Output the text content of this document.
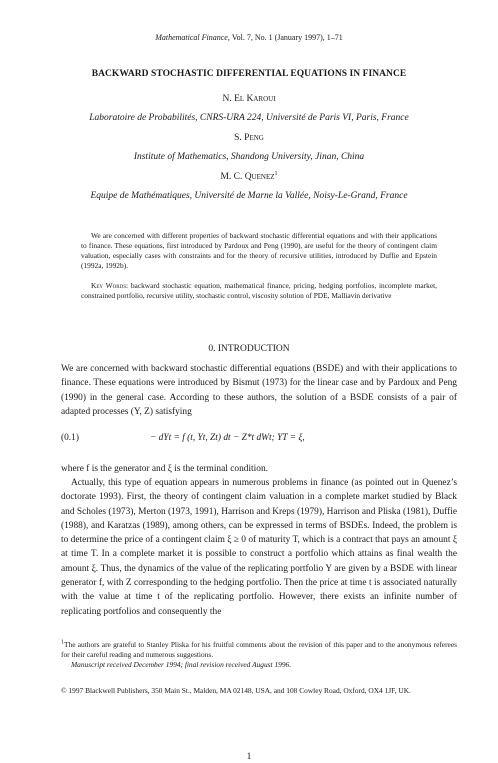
Mathematical Finance, Vol. 7, No. 1 (January 1997), 1–71
BACKWARD STOCHASTIC DIFFERENTIAL EQUATIONS IN FINANCE
N. El Karoui
Laboratoire de Probabilités, CNRS-URA 224, Université de Paris VI, Paris, France
S. Peng
Institute of Mathematics, Shandong University, Jinan, China
M. C. Quenez$^1$
Equipe de Mathématiques, Université de Marne la Vallée, Noisy-Le-Grand, France

We are concerned with different properties of backward stochastic differential equations and with their applications to finance. These equations, first introduced by Pardoux and Peng (1990), are useful for the theory of contingent claim valuation, especially cases with constraints and for the theory of recursive utilities, introduced by Duffie and Epstein (1992a, 1992b).

Key Words: backward stochastic equation, mathematical finance, pricing, hedging portfolios, incomplete market, constrained portfolio, recursive utility, stochastic control, viscosity solution of PDE, Malliavin derivative

0. INTRODUCTION

We are concerned with backward stochastic differential equations (BSDE) and with their applications to finance. These equations were introduced by Bismut (1973) for the linear case and by Pardoux and Peng (1990) in the general case. According to these authors, the solution of a BSDE consists of a pair of adapted processes (Y, Z) satisfying

(0.1)	− dYt = f (t, Yt, Zt) dt − Z*t dWt; YT = ξ,

where f is the generator and ξ is the terminal condition.

Actually, this type of equation appears in numerous problems in finance (as pointed out in Quenez’s doctorate 1993). First, the theory of contingent claim valuation in a complete market studied by Black and Scholes (1973), Merton (1973, 1991), Harrison and Kreps (1979), Harrison and Pliska (1981), Duffie (1988), and Karatzas (1989), among others, can be expressed in terms of BSDEs. Indeed, the problem is to determine the price of a contingent claim ξ ≥ 0 of maturity T, which is a contract that pays an amount ξ at time T. In a complete market it is possible to construct a portfolio which attains as final wealth the amount ξ. Thus, the dynamics of the value of the replicating portfolio Y are given by a BSDE with linear generator f, with Z corresponding to the hedging portfolio. Then the price at time t is associated naturally with the value at time t of the replicating portfolio. However, there exists an infinite number of replicating portfolios and consequently the

$^1$The authors are grateful to Stanley Pliska for his fruitful comments about the revision of this paper and to the anonymous referees for their careful reading and numerous suggestions.

Manuscript received December 1994; final revision received August 1996.

© 1997 Blackwell Publishers, 350 Main St., Malden, MA 02148, USA, and 108 Cowley Road, Oxford, OX4 1JF, UK.

1
